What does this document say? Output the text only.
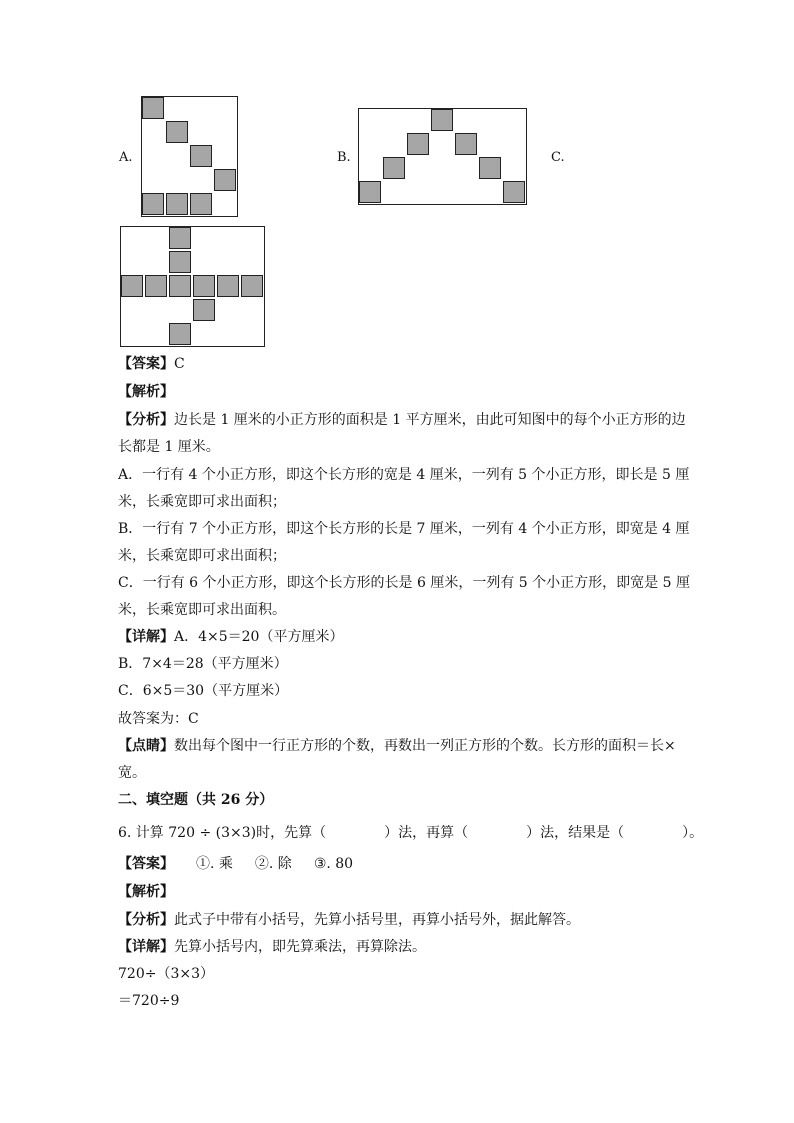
A.	B.	C.
【答案】C
【解析】
【分析】边长是 1 厘米的小正方形的面积是 1 平方厘米，由此可知图中的每个小正方形的边
长都是 1 厘米。
A．一行有 4 个小正方形，即这个长方形的宽是 4 厘米，一列有 5 个小正方形，即长是 5 厘
米，长乘宽即可求出面积；
B．一行有 7 个小正方形，即这个长方形的长是 7 厘米，一列有 4 个小正方形，即宽是 4 厘
米，长乘宽即可求出面积；
C．一行有 6 个小正方形，即这个长方形的长是 6 厘米，一列有 5 个小正方形，即宽是 5 厘
米，长乘宽即可求出面积。
【详解】A．4×5＝20（平方厘米）
B．7×4＝28（平方厘米）
C．6×5＝30（平方厘米）
故答案为：C
【点睛】数出每个图中一行正方形的个数，再数出一列正方形的个数。长方形的面积＝长×
宽。
二、填空题（共 26 分）
6. 计算 720 ÷ (3×3)时，先算（	）法，再算（	）法，结果是（	）。
【答案】 ①. 乘 ②. 除 ③. 80
【解析】
【分析】此式子中带有小括号，先算小括号里，再算小括号外，据此解答。
【详解】先算小括号内，即先算乘法，再算除法。
720÷（3×3）
＝720÷9
